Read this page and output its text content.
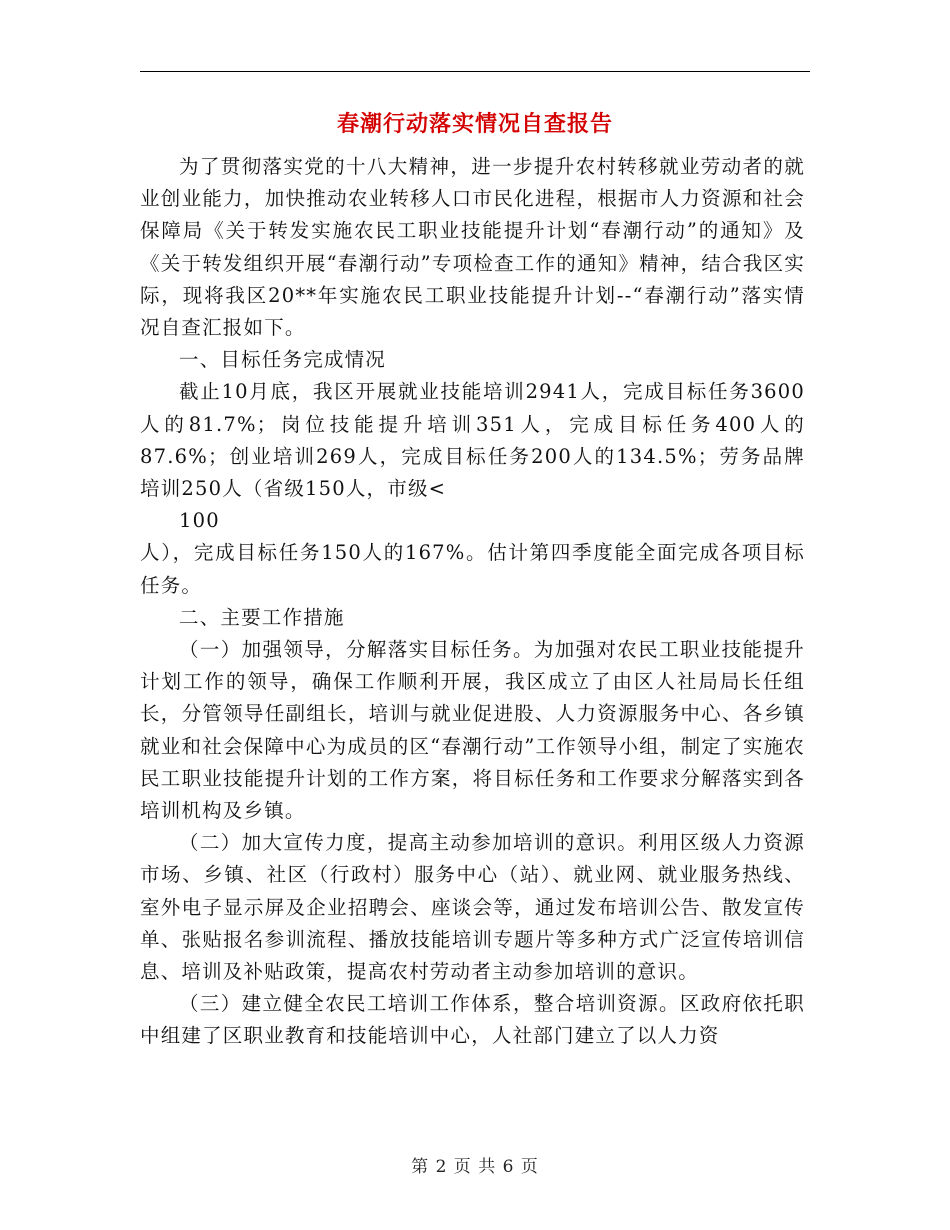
春潮行动落实情况自查报告

为了贯彻落实党的十八大精神，进一步提升农村转移就业劳动者的就业创业能力，加快推动农业转移人口市民化进程，根据市人力资源和社会保障局《关于转发实施农民工职业技能提升计划“春潮行动”的通知》及《关于转发组织开展“春潮行动”专项检查工作的通知》精神，结合我区实际，现将我区20**年实施农民工职业技能提升计划--“春潮行动”落实情况自查汇报如下。

一、目标任务完成情况

截止10月底，我区开展就业技能培训2941人，完成目标任务3600人的81.7%；岗位技能提升培训351人，完成目标任务400人的87.6%；创业培训269人，完成目标任务200人的134.5%；劳务品牌培训250人（省级150人，市级<

100

人），完成目标任务150人的167%。估计第四季度能全面完成各项目标任务。

二、主要工作措施

（一）加强领导，分解落实目标任务。为加强对农民工职业技能提升计划工作的领导，确保工作顺利开展，我区成立了由区人社局局长任组长，分管领导任副组长，培训与就业促进股、人力资源服务中心、各乡镇就业和社会保障中心为成员的区“春潮行动”工作领导小组，制定了实施农民工职业技能提升计划的工作方案，将目标任务和工作要求分解落实到各培训机构及乡镇。

（二）加大宣传力度，提高主动参加培训的意识。利用区级人力资源市场、乡镇、社区（行政村）服务中心（站）、就业网、就业服务热线、室外电子显示屏及企业招聘会、座谈会等，通过发布培训公告、散发宣传单、张贴报名参训流程、播放技能培训专题片等多种方式广泛宣传培训信息、培训及补贴政策，提高农村劳动者主动参加培训的意识。

（三）建立健全农民工培训工作体系，整合培训资源。区政府依托职中组建了区职业教育和技能培训中心，人社部门建立了以人力资

第 2 页 共 6 页
